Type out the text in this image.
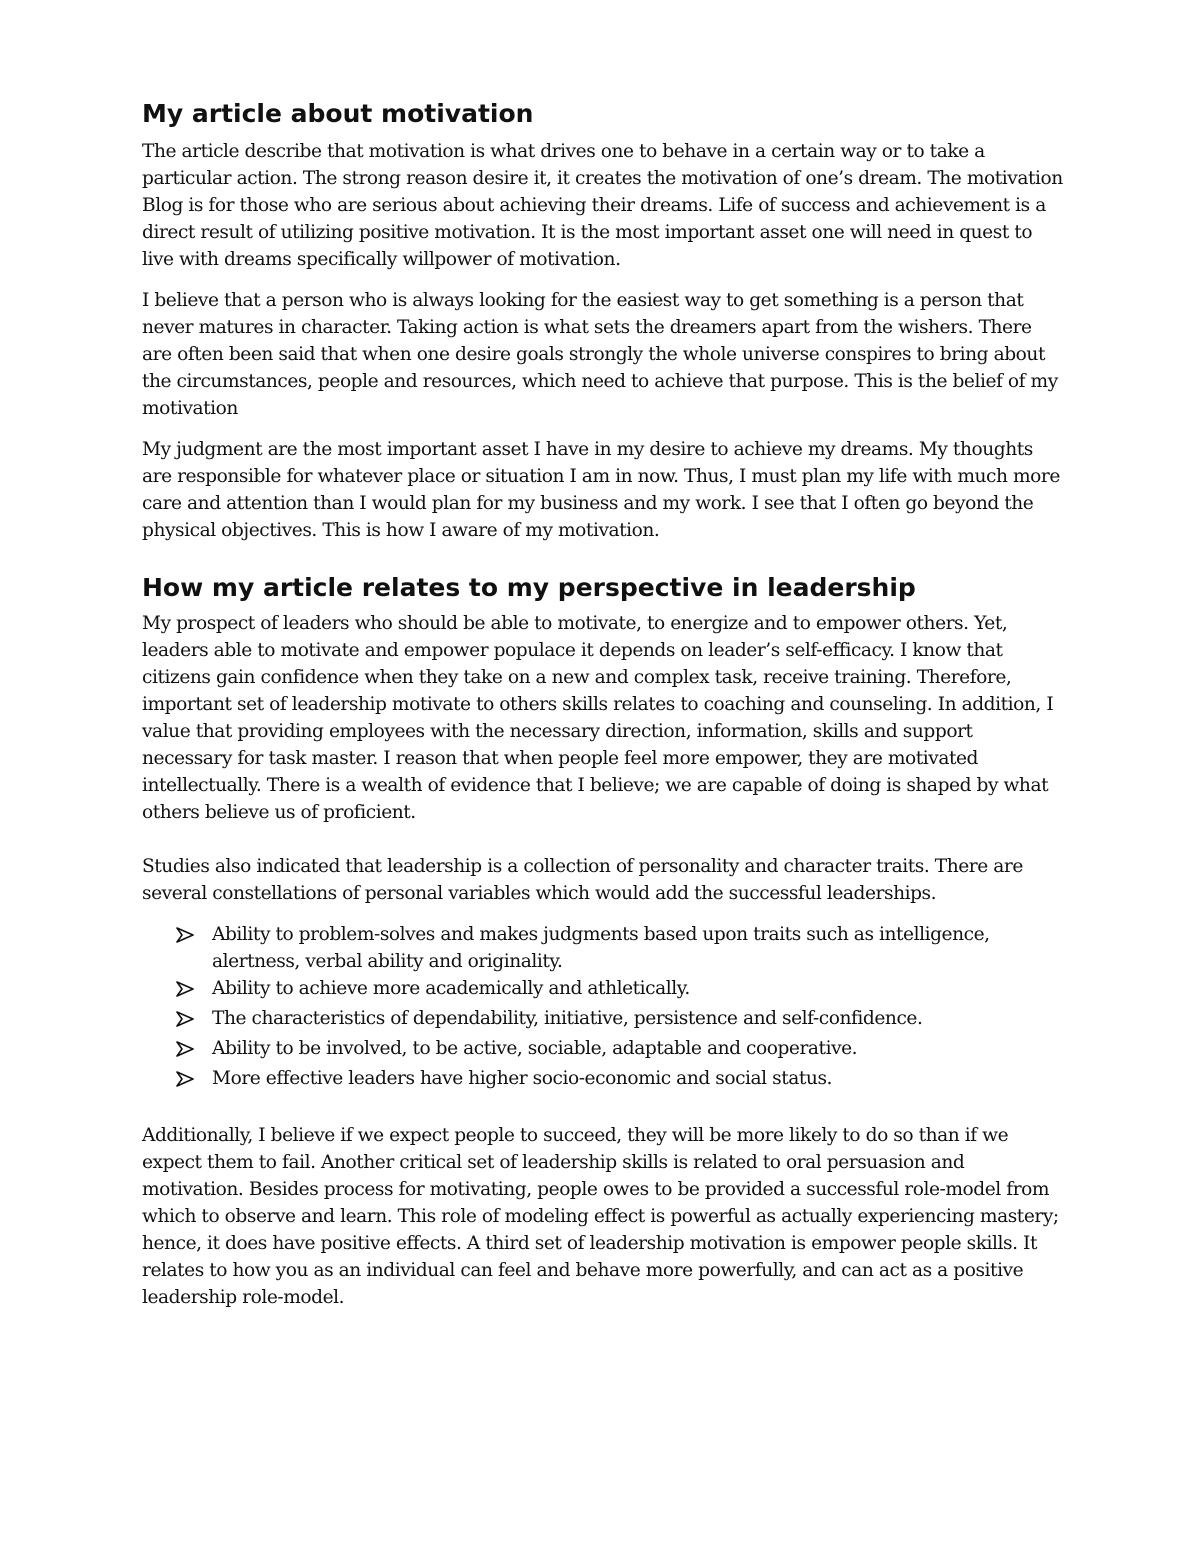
My article about motivation

The article describe that motivation is what drives one to behave in a certain way or to take a particular action. The strong reason desire it, it creates the motivation of one’s dream. The motivation Blog is for those who are serious about achieving their dreams. Life of success and achievement is a direct result of utilizing positive motivation. It is the most important asset one will need in quest to live with dreams specifically willpower of motivation.

I believe that a person who is always looking for the easiest way to get something is a person that never matures in character. Taking action is what sets the dreamers apart from the wishers. There are often been said that when one desire goals strongly the whole universe conspires to bring about the circumstances, people and resources, which need to achieve that purpose. This is the belief of my motivation

My judgment are the most important asset I have in my desire to achieve my dreams. My thoughts are responsible for whatever place or situation I am in now. Thus, I must plan my life with much more care and attention than I would plan for my business and my work. I see that I often go beyond the physical objectives. This is how I aware of my motivation.

How my article relates to my perspective in leadership

My prospect of leaders who should be able to motivate, to energize and to empower others. Yet, leaders able to motivate and empower populace it depends on leader’s self-efficacy. I know that citizens gain confidence when they take on a new and complex task, receive training. Therefore, important set of leadership motivate to others skills relates to coaching and counseling. In addition, I value that providing employees with the necessary direction, information, skills and support necessary for task master. I reason that when people feel more empower, they are motivated intellectually. There is a wealth of evidence that I believe; we are capable of doing is shaped by what others believe us of proficient.

Studies also indicated that leadership is a collection of personality and character traits. There are several constellations of personal variables which would add the successful leaderships.

Ability to problem-solves and makes judgments based upon traits such as intelligence, alertness, verbal ability and originality.
Ability to achieve more academically and athletically.
The characteristics of dependability, initiative, persistence and self-confidence.
Ability to be involved, to be active, sociable, adaptable and cooperative.
More effective leaders have higher socio-economic and social status.

Additionally, I believe if we expect people to succeed, they will be more likely to do so than if we expect them to fail. Another critical set of leadership skills is related to oral persuasion and motivation. Besides process for motivating, people owes to be provided a successful role-model from which to observe and learn. This role of modeling effect is powerful as actually experiencing mastery; hence, it does have positive effects. A third set of leadership motivation is empower people skills. It relates to how you as an individual can feel and behave more powerfully, and can act as a positive leadership role-model.
